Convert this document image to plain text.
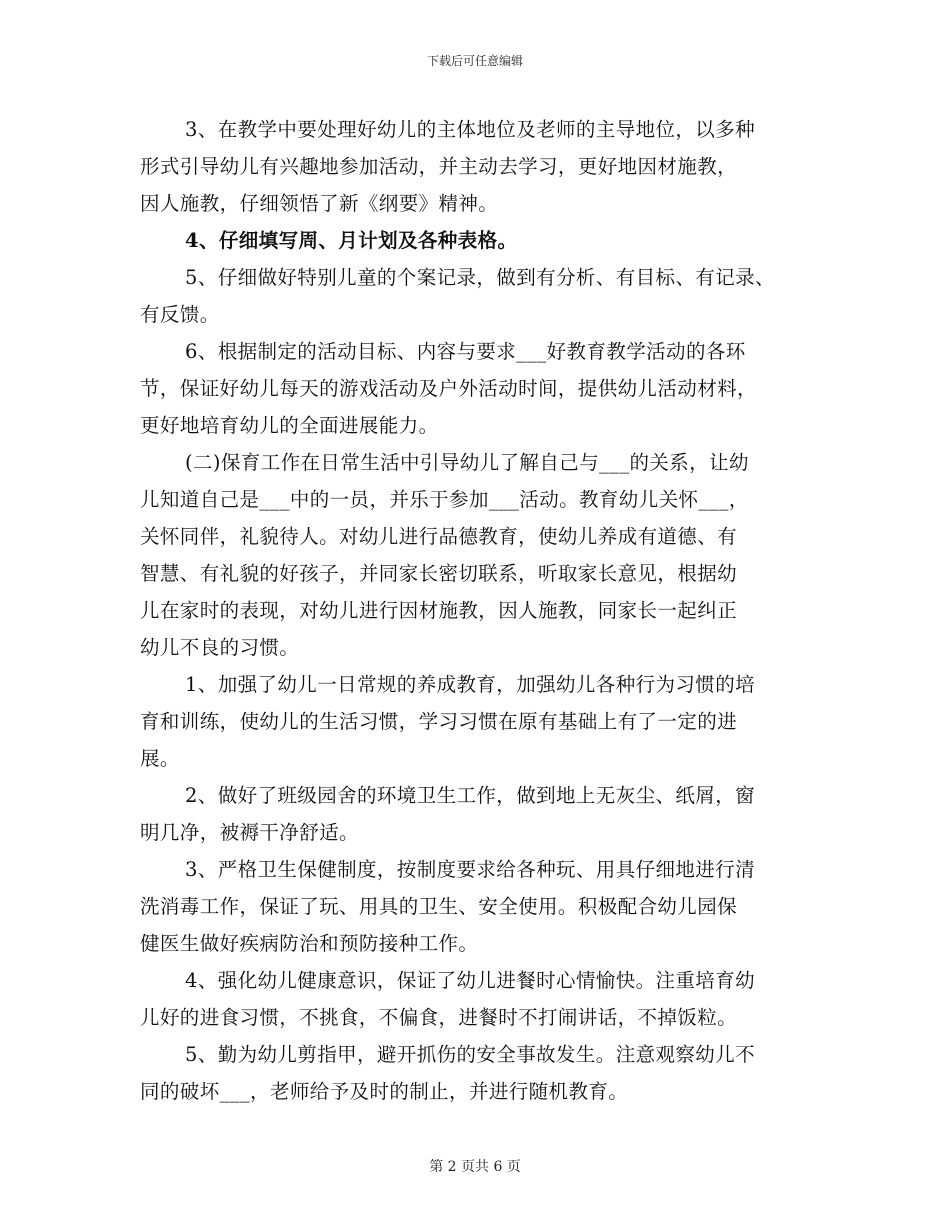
下载后可任意编辑
3、在教学中要处理好幼儿的主体地位及老师的主导地位，以多种
形式引导幼儿有兴趣地参加活动，并主动去学习，更好地因材施教，
因人施教，仔细领悟了新《纲要》精神。
4、仔细填写周、月计划及各种表格。
5、仔细做好特别儿童的个案记录，做到有分析、有目标、有记录、
有反馈。
6、根据制定的活动目标、内容与要求___好教育教学活动的各环
节，保证好幼儿每天的游戏活动及户外活动时间，提供幼儿活动材料，
更好地培育幼儿的全面进展能力。
(二)保育工作在日常生活中引导幼儿了解自己与___的关系，让幼
儿知道自己是___中的一员，并乐于参加___活动。教育幼儿关怀___，
关怀同伴，礼貌待人。对幼儿进行品德教育，使幼儿养成有道德、有
智慧、有礼貌的好孩子，并同家长密切联系，听取家长意见，根据幼
儿在家时的表现，对幼儿进行因材施教，因人施教，同家长一起纠正
幼儿不良的习惯。
1、加强了幼儿一日常规的养成教育，加强幼儿各种行为习惯的培
育和训练，使幼儿的生活习惯，学习习惯在原有基础上有了一定的进
展。
2、做好了班级园舍的环境卫生工作，做到地上无灰尘、纸屑，窗
明几净，被褥干净舒适。
3、严格卫生保健制度，按制度要求给各种玩、用具仔细地进行清
洗消毒工作，保证了玩、用具的卫生、安全使用。积极配合幼儿园保
健医生做好疾病防治和预防接种工作。
4、强化幼儿健康意识，保证了幼儿进餐时心情愉快。注重培育幼
儿好的进食习惯，不挑食，不偏食，进餐时不打闹讲话，不掉饭粒。
5、勤为幼儿剪指甲，避开抓伤的安全事故发生。注意观察幼儿不
同的破坏___，老师给予及时的制止，并进行随机教育。
第 2 页共 6 页
